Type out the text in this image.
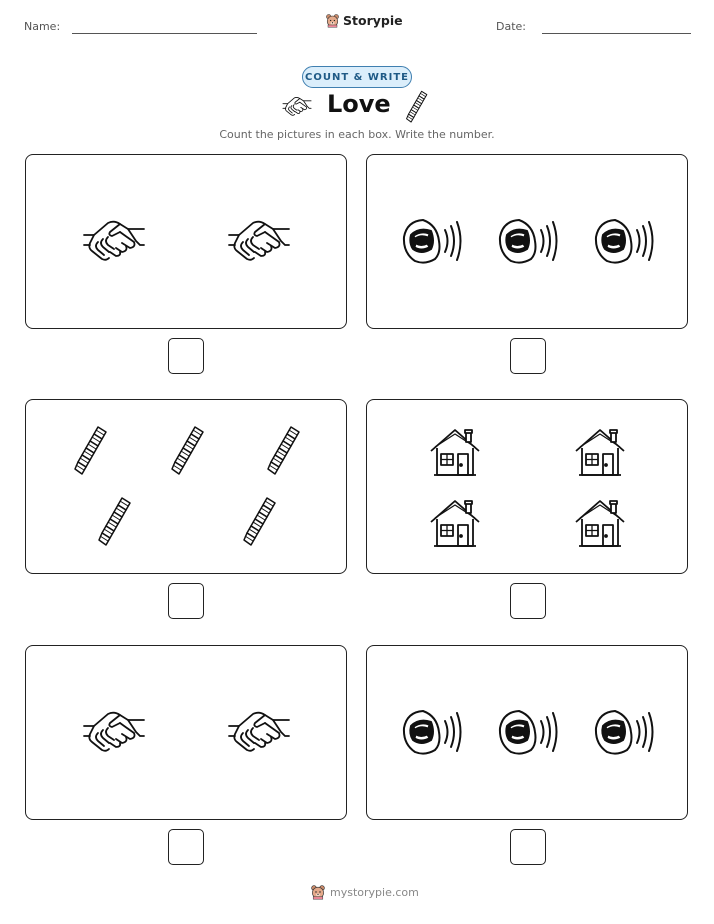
Name:	Storypie	Date:
COUNT & WRITE
Love
Count the pictures in each box. Write the number.
mystorypie.com
